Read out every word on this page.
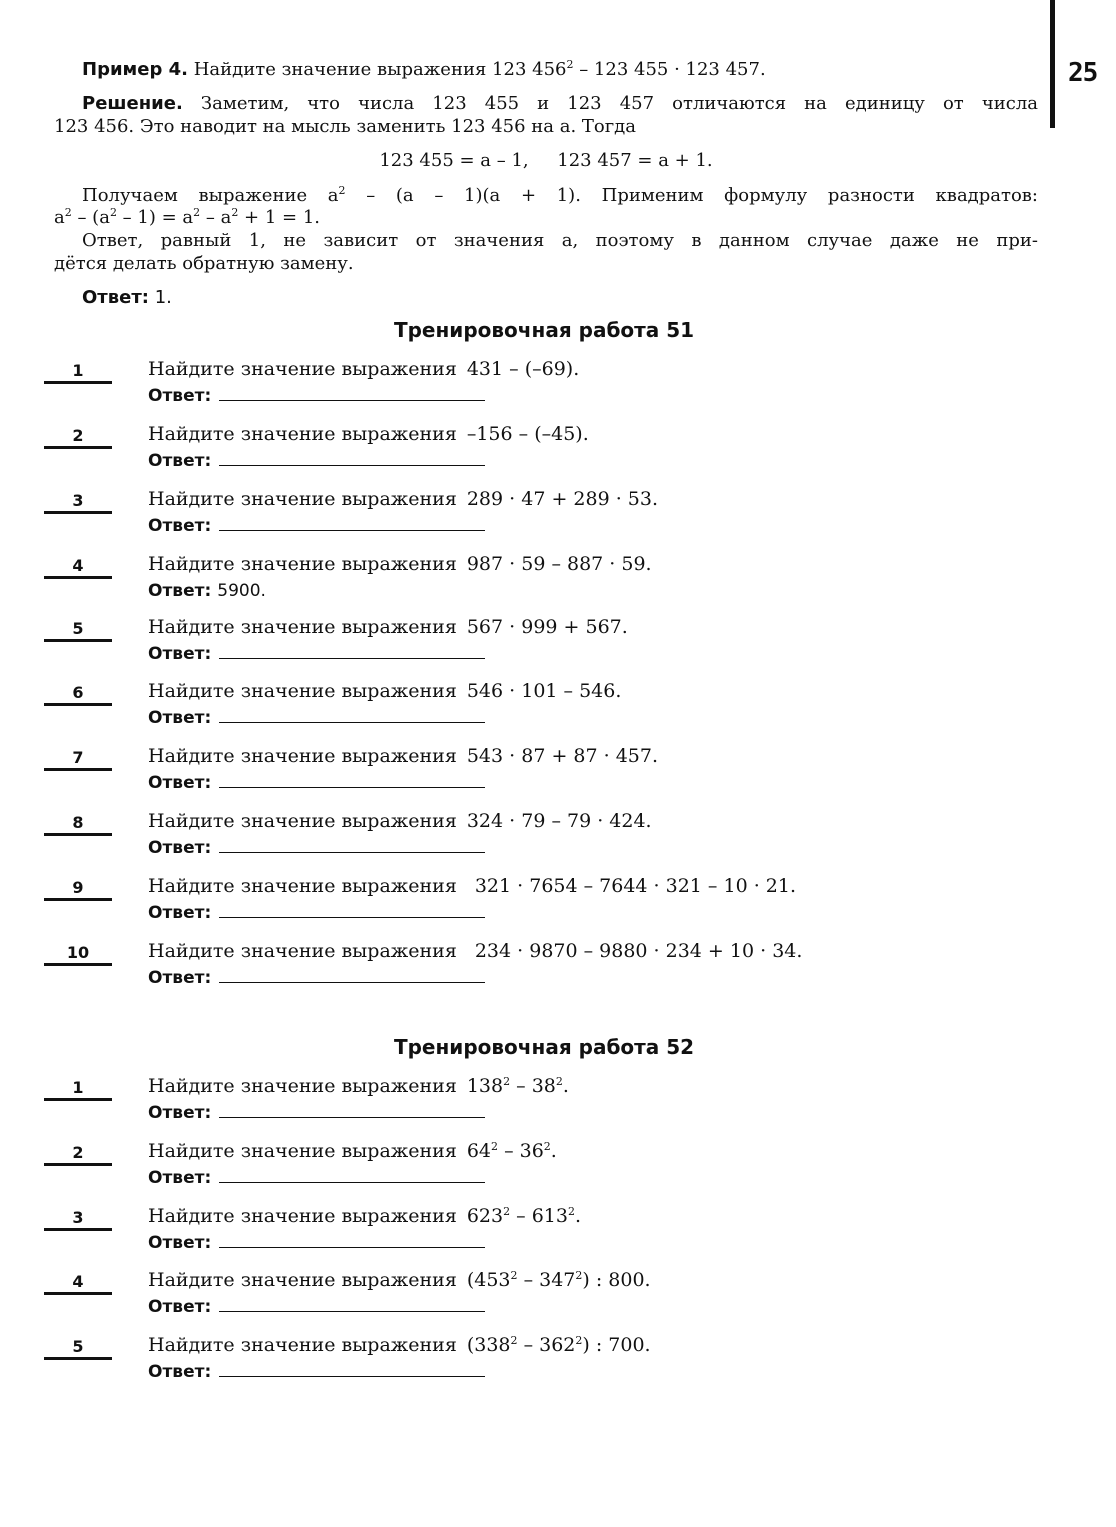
25
Пример 4. Найдите значение выражения 123 $456^2 - 123$ 455 · 123 457.
Решение. Заметим, что числа 123 455 и 123 457 отличаются на единицу от числа
123 456. Это наводит на мысль заменить 123 456 на a. Тогда
123 455 = a – 1,     123 457 = a + 1.
Получаем выражение $a^2 - (a - 1)(a + 1)$. Применим формулу разности квадратов:
$a^2 - (a^2 - 1) = a^2 - a^2 + 1 = 1$.
Ответ, равный 1, не зависит от значения a, поэтому в данном случае даже не при-
дётся делать обратную замену.
Ответ: 1.
Тренировочная работа 51
1	Найдите значение выражения 431 – (–69).
Ответ:
2	Найдите значение выражения –156 – (–45).
Ответ:
3	Найдите значение выражения 289 · 47 + 289 · 53.
Ответ:
4	Найдите значение выражения 987 · 59 – 887 · 59.
Ответ: 5900.
5	Найдите значение выражения 567 · 999 + 567.
Ответ:
6	Найдите значение выражения 546 · 101 – 546.
Ответ:
7	Найдите значение выражения 543 · 87 + 87 · 457.
Ответ:
8	Найдите значение выражения 324 · 79 – 79 · 424.
Ответ:
9	Найдите значение выражения 321 · 7654 – 7644 · 321 – 10 · 21.
Ответ:
10	Найдите значение выражения 234 · 9870 – 9880 · 234 + 10 · 34.
Ответ:
Тренировочная работа 52
1	Найдите значение выражения $138^2 - 38^2$.
Ответ:
2	Найдите значение выражения $64^2 - 36^2$.
Ответ:
3	Найдите значение выражения $623^2 - 613^2$.
Ответ:
4	Найдите значение выражения $(453^2 - 347^2)$ : 800.
Ответ:
5	Найдите значение выражения $(338^2 - 362^2)$ : 700.
Ответ:
